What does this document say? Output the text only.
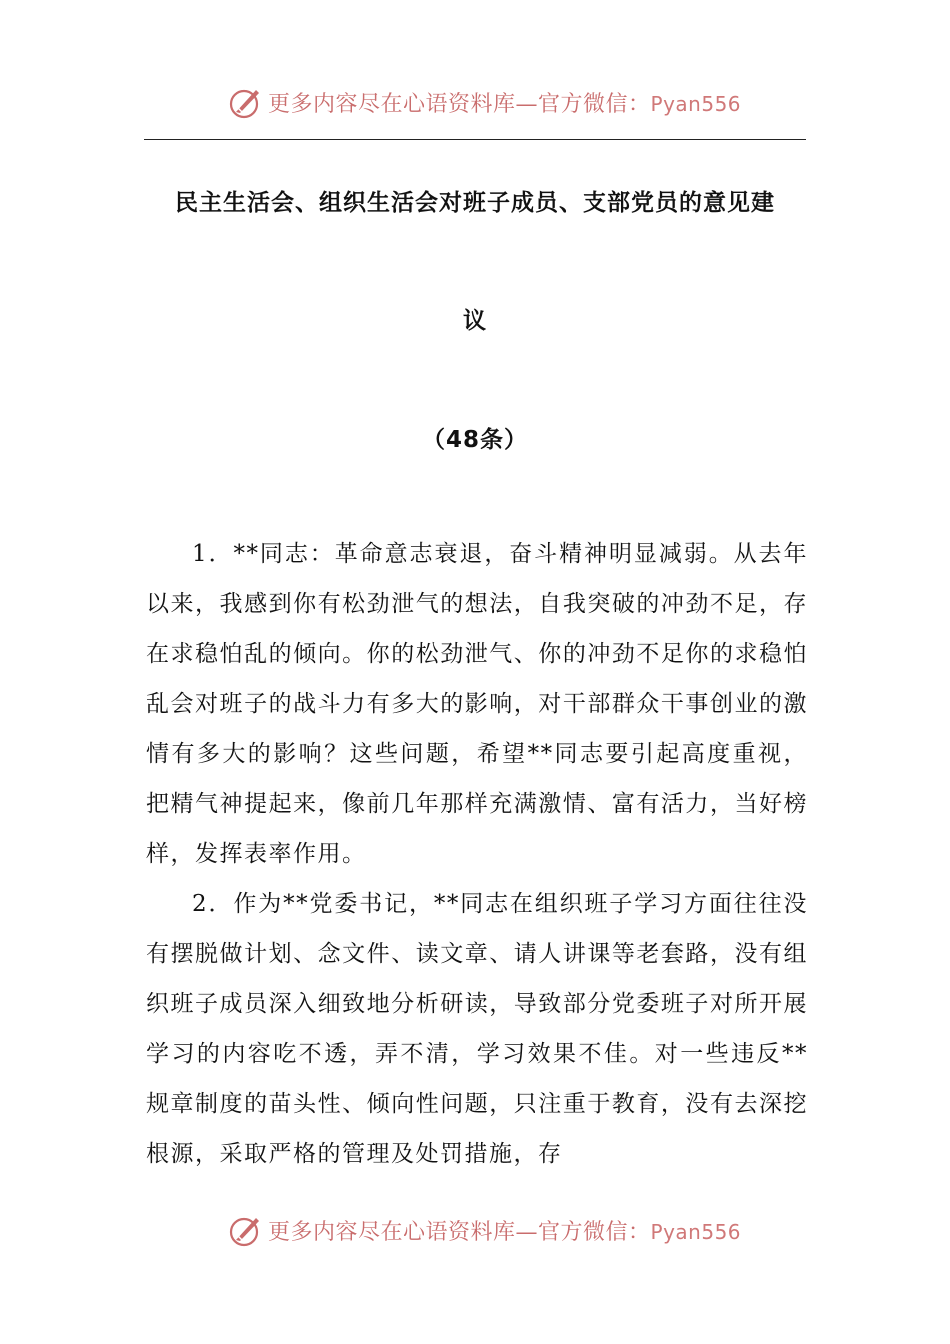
更多内容尽在心语资料库—官方微信：Pyan556
民主生活会、组织生活会对班子成员、支部党员的意见建
议
（48条）

1．**同志：革命意志衰退，奋斗精神明显减弱。从去年以来，我感到你有松劲泄气的想法，自我突破的冲劲不足，存在求稳怕乱的倾向。你的松劲泄气、你的冲劲不足你的求稳怕乱会对班子的战斗力有多大的影响，对干部群众干事创业的激情有多大的影响？这些问题，希望**同志要引起高度重视，把精气神提起来，像前几年那样充满激情、富有活力，当好榜样，发挥表率作用。

2．作为**党委书记，**同志在组织班子学习方面往往没有摆脱做计划、念文件、读文章、请人讲课等老套路，没有组织班子成员深入细致地分析研读，导致部分党委班子对所开展学习的内容吃不透，弄不清，学习效果不佳。对一些违反**规章制度的苗头性、倾向性问题，只注重于教育，没有去深挖根源，采取严格的管理及处罚措施，存

更多内容尽在心语资料库—官方微信：Pyan556
